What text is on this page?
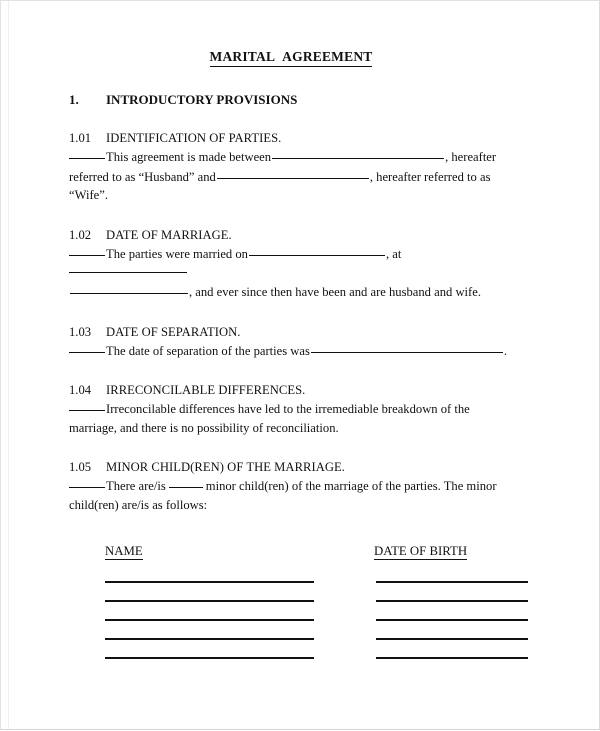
MARITAL AGREEMENT
1.	INTRODUCTORY PROVISIONS
1.01	IDENTIFICATION OF PARTIES.
This agreement is made between	, hereafter referred to as “Husband” and	, hereafter referred to as “Wife”.
1.02	DATE OF MARRIAGE.
The parties were married on	, at
, and ever since then have been and are husband and wife.
1.03	DATE OF SEPARATION.
The date of separation of the parties was	.
1.04	IRRECONCILABLE DIFFERENCES.
Irreconcilable differences have led to the irremediable breakdown of the marriage, and there is no possibility of reconciliation.
1.05	MINOR CHILD(REN) OF THE MARRIAGE.
There are/is	minor child(ren) of the marriage of the parties. The minor child(ren) are/is as follows:
NAME	DATE OF BIRTH
